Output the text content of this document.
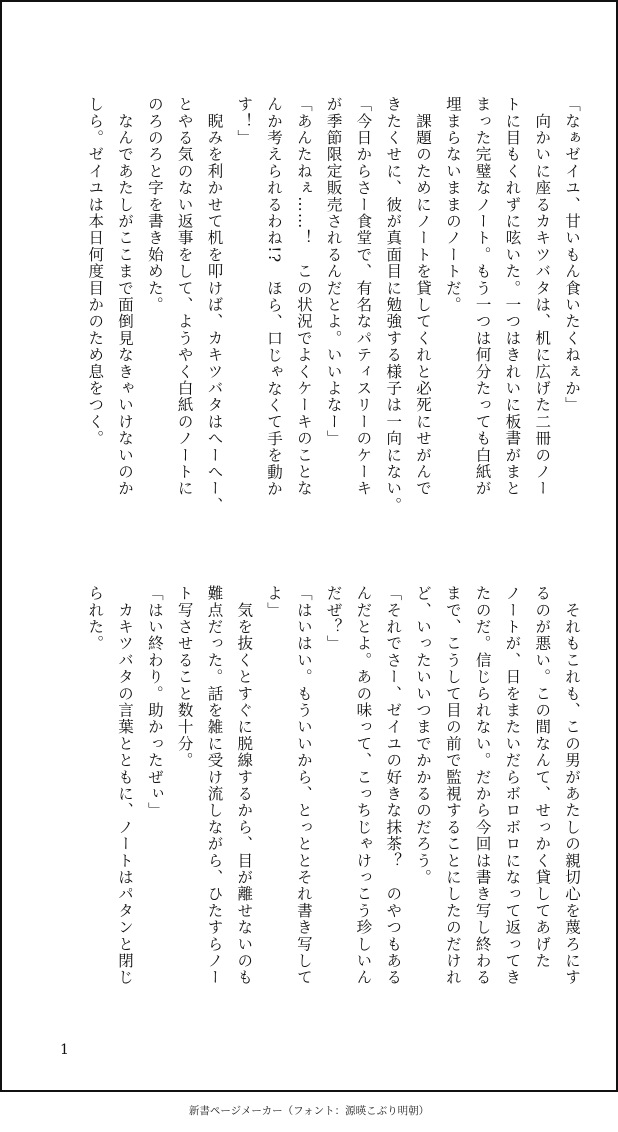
「なぁゼイユ、甘いもん食いたくねぇか」
　向かいに座るカキツバタは、机に広げた二冊のノー
トに目もくれずに呟いた。一つはきれいに板書がまと
まった完璧なノート。もう一つは何分たっても白紙が
埋まらないままのノートだ。
　課題のためにノートを貸してくれと必死にせがんで
きたくせに、彼が真面目に勉強する様子は一向にない。
「今日からさー食堂で、有名なパティスリーのケーキ
が季節限定販売されるんだとよ。いいよなー」
「あんたねぇ……！　この状況でよくケーキのことな
んか考えられるわね!?　ほら、口じゃなくて手を動か
す！」
　睨みを利かせて机を叩けば、カキツバタはへーへー、
とやる気のない返事をして、ようやく白紙のノートに
のろのろと字を書き始めた。
　なんであたしがここまで面倒見なきゃいけないのか
しら。ゼイユは本日何度目かのため息をつく。
　それもこれも、この男があたしの親切心を蔑ろにす
るのが悪い。この間なんて、せっかく貸してあげた
ノートが、日をまたいだらボロボロになって返ってき
たのだ。信じられない。だから今回は書き写し終わる
まで、こうして目の前で監視することにしたのだけれ
ど、いったいいつまでかかるのだろう。
「それでさー、ゼイユの好きな抹茶？　のやつもある
んだとよ。あの味って、こっちじゃけっこう珍しいん
だぜ？」
「はいはい。もういいから、とっととそれ書き写して
よ」
　気を抜くとすぐに脱線するから、目が離せないのも
難点だった。話を雑に受け流しながら、ひたすらノー
ト写させること数十分。
「はい終わり。助かったぜぃ」
　カキツバタの言葉とともに、ノートはパタンと閉じ
られた。
1
新書ページメーカー（フォント：源暎こぶり明朝）
